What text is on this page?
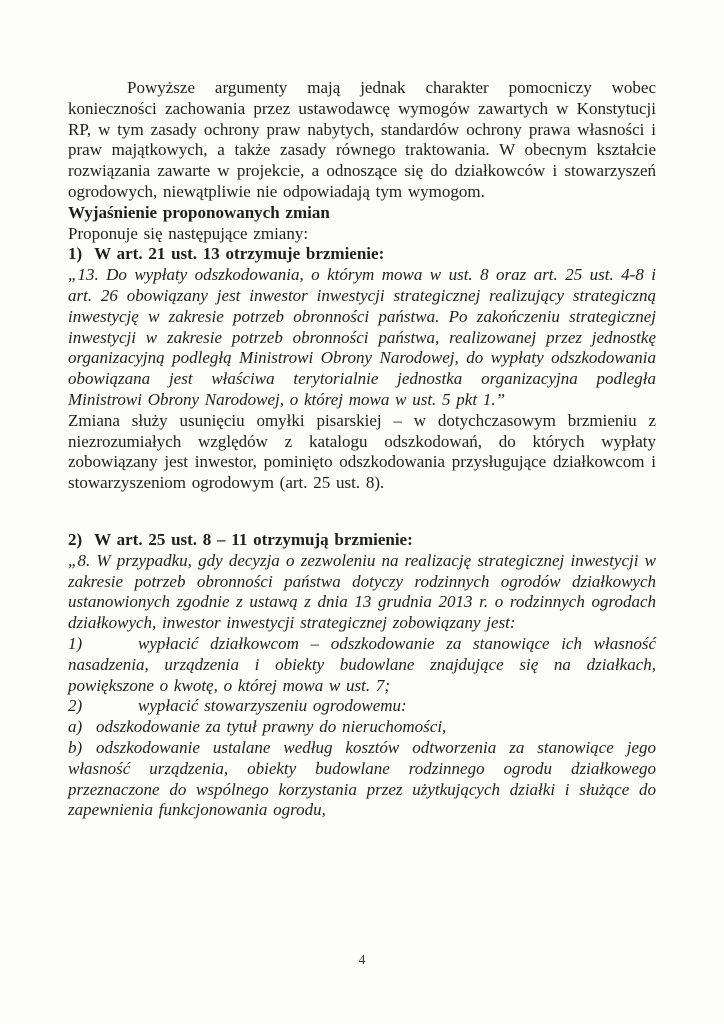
Powyższe argumenty mają jednak charakter pomocniczy wobec konieczności zachowania przez ustawodawcę wymogów zawartych w Konstytucji RP, w tym zasady ochrony praw nabytych, standardów ochrony prawa własności i praw majątkowych, a także zasady równego traktowania. W obecnym kształcie rozwiązania zawarte w projekcie, a odnoszące się do działkowców i stowarzyszeń ogrodowych, niewątpliwie nie odpowiadają tym wymogom.

Wyjaśnienie proponowanych zmian

Proponuje się następujące zmiany:

1) W art. 21 ust. 13 otrzymuje brzmienie:

„13. Do wypłaty odszkodowania, o którym mowa w ust. 8 oraz art. 25 ust. 4-8 i art. 26 obowiązany jest inwestor inwestycji strategicznej realizujący strategiczną inwestycję w zakresie potrzeb obronności państwa. Po zakończeniu strategicznej inwestycji w zakresie potrzeb obronności państwa, realizowanej przez jednostkę organizacyjną podległą Ministrowi Obrony Narodowej, do wypłaty odszkodowania obowiązana jest właściwa terytorialnie jednostka organizacyjna podległa Ministrowi Obrony Narodowej, o której mowa w ust. 5 pkt 1.”

Zmiana służy usunięciu omyłki pisarskiej – w dotychczasowym brzmieniu z niezrozumiałych względów z katalogu odszkodowań, do których wypłaty zobowiązany jest inwestor, pominięto odszkodowania przysługujące działkowcom i stowarzyszeniom ogrodowym (art. 25 ust. 8).

2) W art. 25 ust. 8 – 11 otrzymują brzmienie:

„8. W przypadku, gdy decyzja o zezwoleniu na realizację strategicznej inwestycji w zakresie potrzeb obronności państwa dotyczy rodzinnych ogrodów działkowych ustanowionych zgodnie z ustawą z dnia 13 grudnia 2013 r. o rodzinnych ogrodach działkowych, inwestor inwestycji strategicznej zobowiązany jest:

1)	wypłacić działkowcom – odszkodowanie za stanowiące ich własność nasadzenia, urządzenia i obiekty budowlane znajdujące się na działkach, powiększone o kwotę, o której mowa w ust. 7;

2)	wypłacić stowarzyszeniu ogrodowemu:

a) odszkodowanie za tytuł prawny do nieruchomości,

b) odszkodowanie ustalane według kosztów odtworzenia za stanowiące jego własność urządzenia, obiekty budowlane rodzinnego ogrodu działkowego przeznaczone do wspólnego korzystania przez użytkujących działki i służące do zapewnienia funkcjonowania ogrodu,

4
